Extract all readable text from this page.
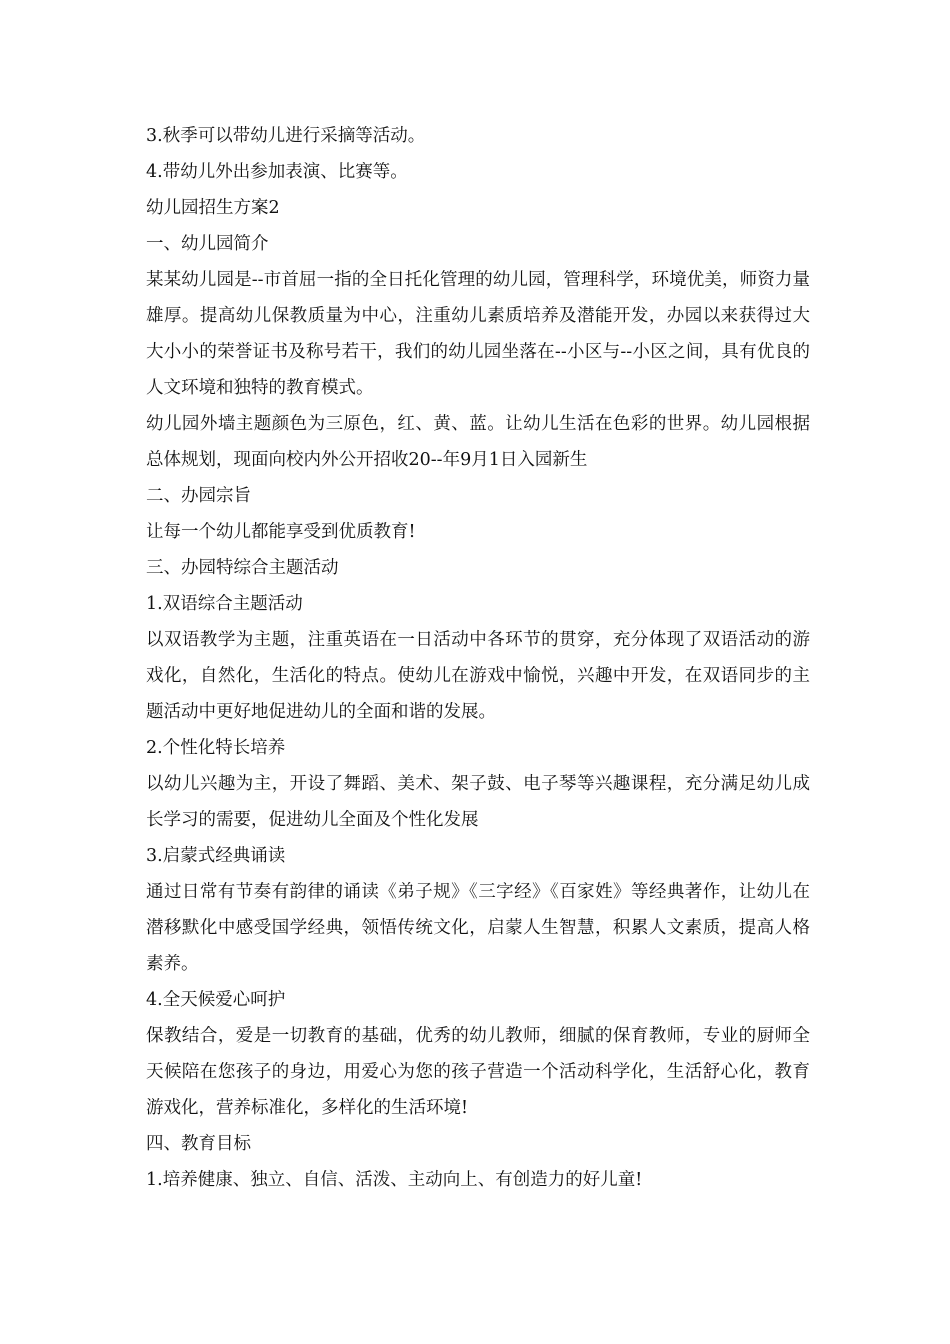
3.秋季可以带幼儿进行采摘等活动。

4.带幼儿外出参加表演、比赛等。

幼儿园招生方案2

一、幼儿园简介

某某幼儿园是--市首屈一指的全日托化管理的幼儿园，管理科学，环境优美，师资力量雄厚。提高幼儿保教质量为中心，注重幼儿素质培养及潜能开发，办园以来获得过大大小小的荣誉证书及称号若干，我们的幼儿园坐落在--小区与--小区之间，具有优良的人文环境和独特的教育模式。

幼儿园外墙主题颜色为三原色，红、黄、蓝。让幼儿生活在色彩的世界。幼儿园根据总体规划，现面向校内外公开招收20--年9月1日入园新生

二、办园宗旨

让每一个幼儿都能享受到优质教育!

三、办园特综合主题活动

1.双语综合主题活动

以双语教学为主题，注重英语在一日活动中各环节的贯穿，充分体现了双语活动的游戏化，自然化，生活化的特点。使幼儿在游戏中愉悦，兴趣中开发，在双语同步的主题活动中更好地促进幼儿的全面和谐的发展。

2.个性化特长培养

以幼儿兴趣为主，开设了舞蹈、美术、架子鼓、电子琴等兴趣课程，充分满足幼儿成长学习的需要，促进幼儿全面及个性化发展

3.启蒙式经典诵读

通过日常有节奏有韵律的诵读《弟子规》《三字经》《百家姓》等经典著作，让幼儿在潜移默化中感受国学经典，领悟传统文化，启蒙人生智慧，积累人文素质，提高人格素养。

4.全天候爱心呵护

保教结合，爱是一切教育的基础，优秀的幼儿教师，细腻的保育教师，专业的厨师全天候陪在您孩子的身边，用爱心为您的孩子营造一个活动科学化，生活舒心化，教育游戏化，营养标准化，多样化的生活环境!

四、教育目标

1.培养健康、独立、自信、活泼、主动向上、有创造力的好儿童!
